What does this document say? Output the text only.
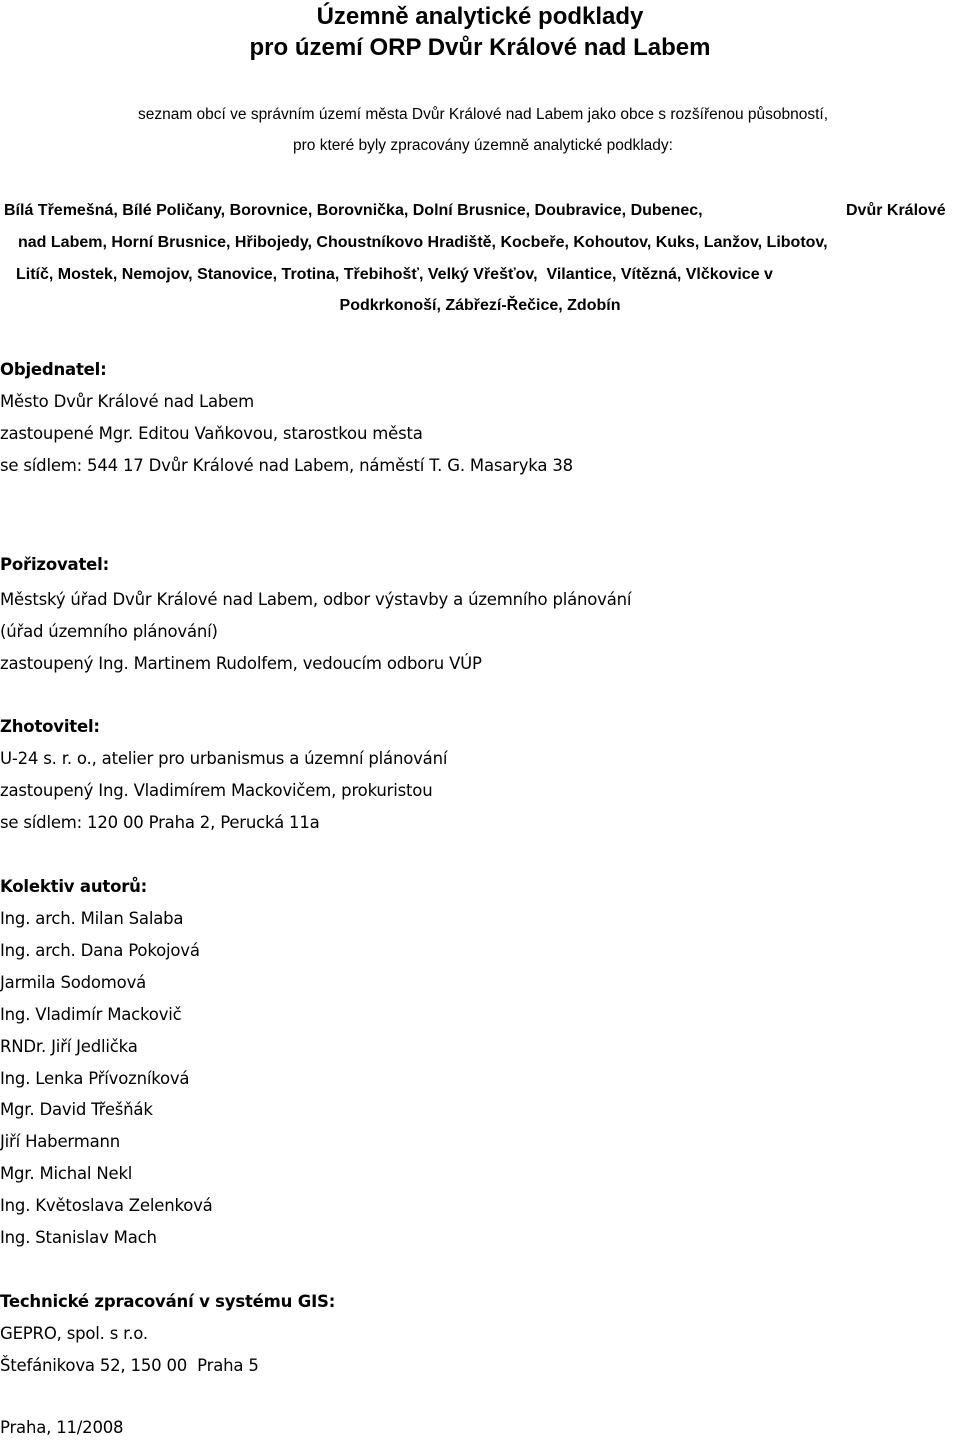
Územně analytické podklady
pro území ORP Dvůr Králové nad Labem
seznam obcí ve správním území města Dvůr Králové nad Labem jako obce s rozšířenou působností,
pro které byly zpracovány územně analytické podklady:
Bílá Třemešná, Bílé Poličany, Borovnice, Borovnička, Dolní Brusnice, Doubravice, Dubenec,	Dvůr Králové
nad Labem, Horní Brusnice, Hřibojedy, Choustníkovo Hradiště, Kocbeře, Kohoutov, Kuks, Lanžov, Libotov,
Litíč, Mostek, Nemojov, Stanovice, Trotina, Třebihošť, Velký Vřešťov,  Vilantice, Vítězná, Vlčkovice v
Podkrkonoší, Zábřezí-Řečice, Zdobín
Objednatel:
Město Dvůr Králové nad Labem
zastoupené Mgr. Editou Vaňkovou, starostkou města
se sídlem: 544 17 Dvůr Králové nad Labem, náměstí T. G. Masaryka 38
Pořizovatel:
Městský úřad Dvůr Králové nad Labem, odbor výstavby a územního plánování
(úřad územního plánování)
zastoupený Ing. Martinem Rudolfem, vedoucím odboru VÚP
Zhotovitel:
U-24 s. r. o., atelier pro urbanismus a územní plánování
zastoupený Ing. Vladimírem Mackovičem, prokuristou
se sídlem: 120 00 Praha 2, Perucká 11a
Kolektiv autorů:
Ing. arch. Milan Salaba
Ing. arch. Dana Pokojová
Jarmila Sodomová
Ing. Vladimír Mackovič
RNDr. Jiří Jedlička
Ing. Lenka Přívozníková
Mgr. David Třešňák
Jiří Habermann
Mgr. Michal Nekl
Ing. Květoslava Zelenková
Ing. Stanislav Mach
Technické zpracování v systému GIS:
GEPRO, spol. s r.o.
Štefánikova 52, 150 00  Praha 5
Praha, 11/2008
